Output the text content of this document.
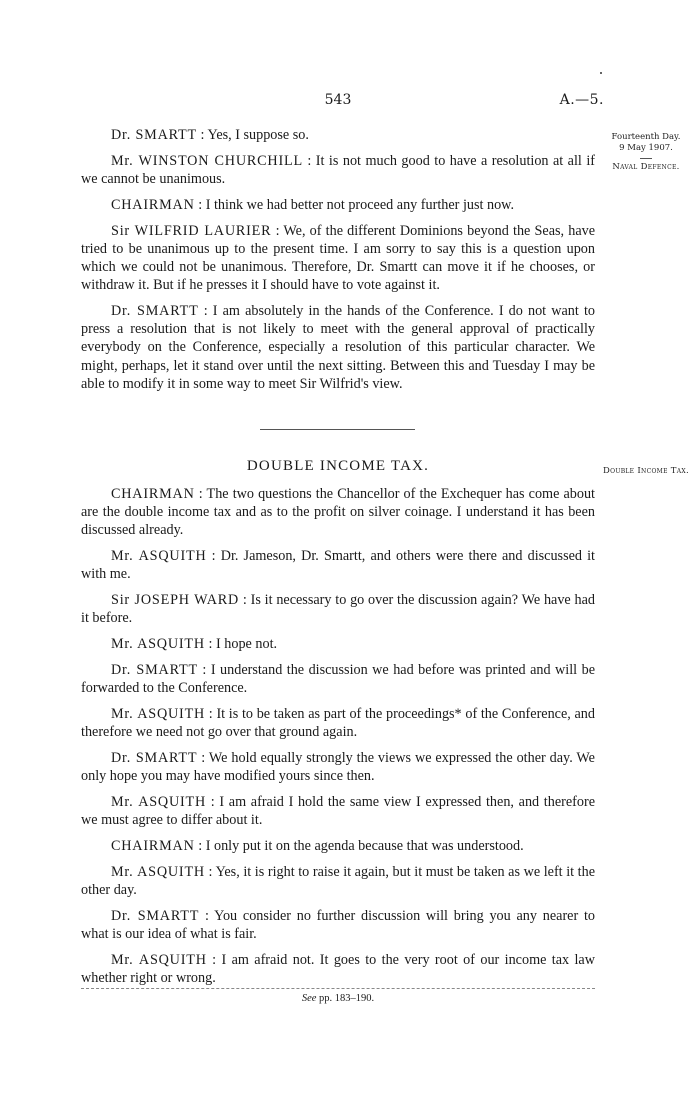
543	A.—5.
Fourteenth Day.
9 May 1907.
Naval Defence.

Dr. SMARTT : Yes, I suppose so.

Mr. WINSTON CHURCHILL : It is not much good to have a resolution at all if we cannot be unanimous.

CHAIRMAN : I think we had better not proceed any further just now.

Sir WILFRID LAURIER : We, of the different Dominions beyond the Seas, have tried to be unanimous up to the present time. I am sorry to say this is a question upon which we could not be unanimous. Therefore, Dr. Smartt can move it if he chooses, or withdraw it. But if he presses it I should have to vote against it.

Dr. SMARTT : I am absolutely in the hands of the Conference. I do not want to press a resolution that is not likely to meet with the general approval of practically everybody on the Conference, especially a resolution of this particular character. We might, perhaps, let it stand over until the next sitting. Between this and Tuesday I may be able to modify it in some way to meet Sir Wilfrid's view.

DOUBLE INCOME TAX.	Double Income Tax.

CHAIRMAN : The two questions the Chancellor of the Exchequer has come about are the double income tax and as to the profit on silver coinage. I understand it has been discussed already.

Mr. ASQUITH : Dr. Jameson, Dr. Smartt, and others were there and discussed it with me.

Sir JOSEPH WARD : Is it necessary to go over the discussion again? We have had it before.

Mr. ASQUITH : I hope not.

Dr. SMARTT : I understand the discussion we had before was printed and will be forwarded to the Conference.

Mr. ASQUITH : It is to be taken as part of the proceedings* of the Conference, and therefore we need not go over that ground again.

Dr. SMARTT : We hold equally strongly the views we expressed the other day. We only hope you may have modified yours since then.

Mr. ASQUITH : I am afraid I hold the same view I expressed then, and therefore we must agree to differ about it.

CHAIRMAN : I only put it on the agenda because that was understood.

Mr. ASQUITH : Yes, it is right to raise it again, but it must be taken as we left it the other day.

Dr. SMARTT : You consider no further discussion will bring you any nearer to what is our idea of what is fair.

Mr. ASQUITH : I am afraid not. It goes to the very root of our income tax law whether right or wrong.

See pp. 183–190.
